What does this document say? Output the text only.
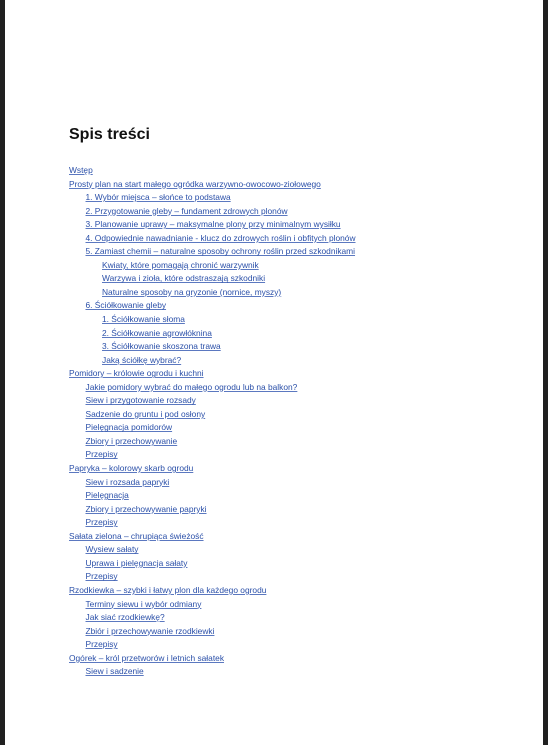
Spis treści
Wstęp
Prosty plan na start małego ogródka warzywno-owocowo-ziołowego
1. Wybór miejsca – słońce to podstawa
2. Przygotowanie gleby – fundament zdrowych plonów
3. Planowanie uprawy – maksymalne plony przy minimalnym wysiłku
4. Odpowiednie nawadnianie - klucz do zdrowych roślin i obfitych plonów
5. Zamiast chemii – naturalne sposoby ochrony roślin przed szkodnikami
Kwiaty, które pomagają chronić warzywnik
Warzywa i zioła, które odstraszają szkodniki
Naturalne sposoby na gryzonie (nornice, myszy)
6. Ściółkowanie gleby
1. Ściółkowanie słoma
2. Ściółkowanie agrowłóknina
3. Ściółkowanie skoszona trawa
Jaką ściółkę wybrać?
Pomidory – królowie ogrodu i kuchni
Jakie pomidory wybrać do małego ogrodu lub na balkon?
Siew i przygotowanie rozsady
Sadzenie do gruntu i pod osłony
Pielęgnacja pomidorów
Zbiory i przechowywanie
Przepisy
Papryka – kolorowy skarb ogrodu
Siew i rozsada papryki
Pielęgnacja
Zbiory i przechowywanie papryki
Przepisy
Sałata zielona – chrupiąca świeżość
Wysiew sałaty
Uprawa i pielęgnacja sałaty
Przepisy
Rzodkiewka – szybki i łatwy plon dla każdego ogrodu
Terminy siewu i wybór odmiany
Jak siać rzodkiewkę?
Zbiór i przechowywanie rzodkiewki
Przepisy
Ogórek – król przetworów i letnich sałatek
Siew i sadzenie
